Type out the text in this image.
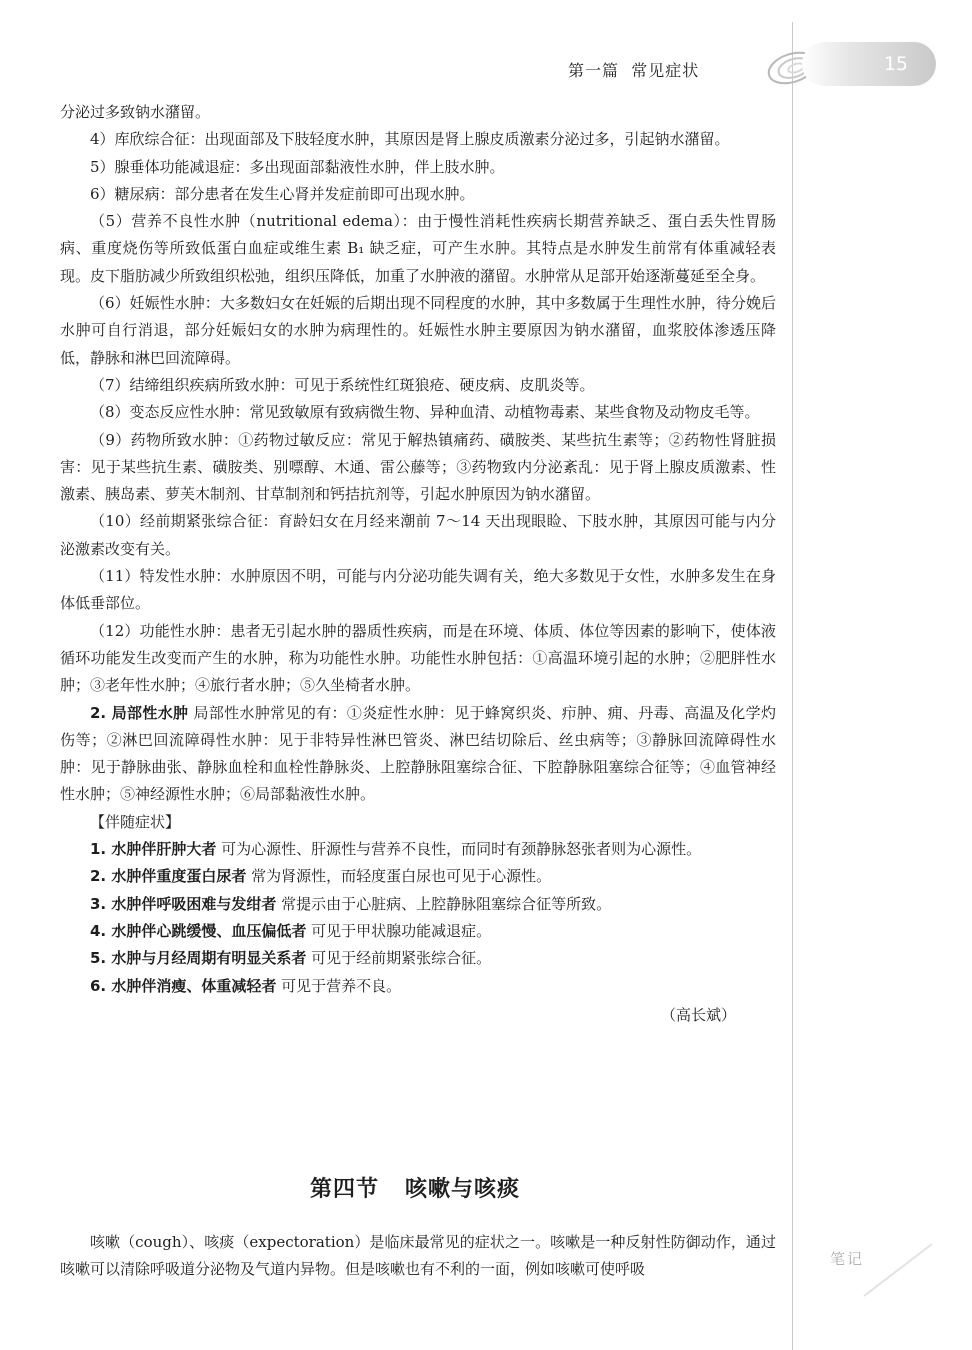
第一篇 常见症状	15

分泌过多致钠水潴留。

4）库欣综合征：出现面部及下肢轻度水肿，其原因是肾上腺皮质激素分泌过多，引起钠水潴留。

5）腺垂体功能减退症：多出现面部黏液性水肿，伴上肢水肿。

6）糖尿病：部分患者在发生心肾并发症前即可出现水肿。

（5）营养不良性水肿（nutritional edema）：由于慢性消耗性疾病长期营养缺乏、蛋白丢失性胃肠病、重度烧伤等所致低蛋白血症或维生素 B₁ 缺乏症，可产生水肿。其特点是水肿发生前常有体重减轻表现。皮下脂肪减少所致组织松弛，组织压降低，加重了水肿液的潴留。水肿常从足部开始逐渐蔓延至全身。

（6）妊娠性水肿：大多数妇女在妊娠的后期出现不同程度的水肿，其中多数属于生理性水肿，待分娩后水肿可自行消退，部分妊娠妇女的水肿为病理性的。妊娠性水肿主要原因为钠水潴留，血浆胶体渗透压降低，静脉和淋巴回流障碍。

（7）结缔组织疾病所致水肿：可见于系统性红斑狼疮、硬皮病、皮肌炎等。

（8）变态反应性水肿：常见致敏原有致病微生物、异种血清、动植物毒素、某些食物及动物皮毛等。

（9）药物所致水肿：①药物过敏反应：常见于解热镇痛药、磺胺类、某些抗生素等；②药物性肾脏损害：见于某些抗生素、磺胺类、别嘌醇、木通、雷公藤等；③药物致内分泌紊乱：见于肾上腺皮质激素、性激素、胰岛素、萝芙木制剂、甘草制剂和钙拮抗剂等，引起水肿原因为钠水潴留。

（10）经前期紧张综合征：育龄妇女在月经来潮前 7～14 天出现眼睑、下肢水肿，其原因可能与内分泌激素改变有关。

（11）特发性水肿：水肿原因不明，可能与内分泌功能失调有关，绝大多数见于女性，水肿多发生在身体低垂部位。

（12）功能性水肿：患者无引起水肿的器质性疾病，而是在环境、体质、体位等因素的影响下，使体液循环功能发生改变而产生的水肿，称为功能性水肿。功能性水肿包括：①高温环境引起的水肿；②肥胖性水肿；③老年性水肿；④旅行者水肿；⑤久坐椅者水肿。

2. 局部性水肿 局部性水肿常见的有：①炎症性水肿：见于蜂窝织炎、疖肿、痈、丹毒、高温及化学灼伤等；②淋巴回流障碍性水肿：见于非特异性淋巴管炎、淋巴结切除后、丝虫病等；③静脉回流障碍性水肿：见于静脉曲张、静脉血栓和血栓性静脉炎、上腔静脉阻塞综合征、下腔静脉阻塞综合征等；④血管神经性水肿；⑤神经源性水肿；⑥局部黏液性水肿。

【伴随症状】

1. 水肿伴肝肿大者 可为心源性、肝源性与营养不良性，而同时有颈静脉怒张者则为心源性。

2. 水肿伴重度蛋白尿者 常为肾源性，而轻度蛋白尿也可见于心源性。

3. 水肿伴呼吸困难与发绀者 常提示由于心脏病、上腔静脉阻塞综合征等所致。

4. 水肿伴心跳缓慢、血压偏低者 可见于甲状腺功能减退症。

5. 水肿与月经周期有明显关系者 可见于经前期紧张综合征。

6. 水肿伴消瘦、体重减轻者 可见于营养不良。

（高长斌）

第四节 咳嗽与咳痰

咳嗽（cough）、咳痰（expectoration）是临床最常见的症状之一。咳嗽是一种反射性防御动作，通过咳嗽可以清除呼吸道分泌物及气道内异物。但是咳嗽也有不利的一面，例如咳嗽可使呼吸

笔记
